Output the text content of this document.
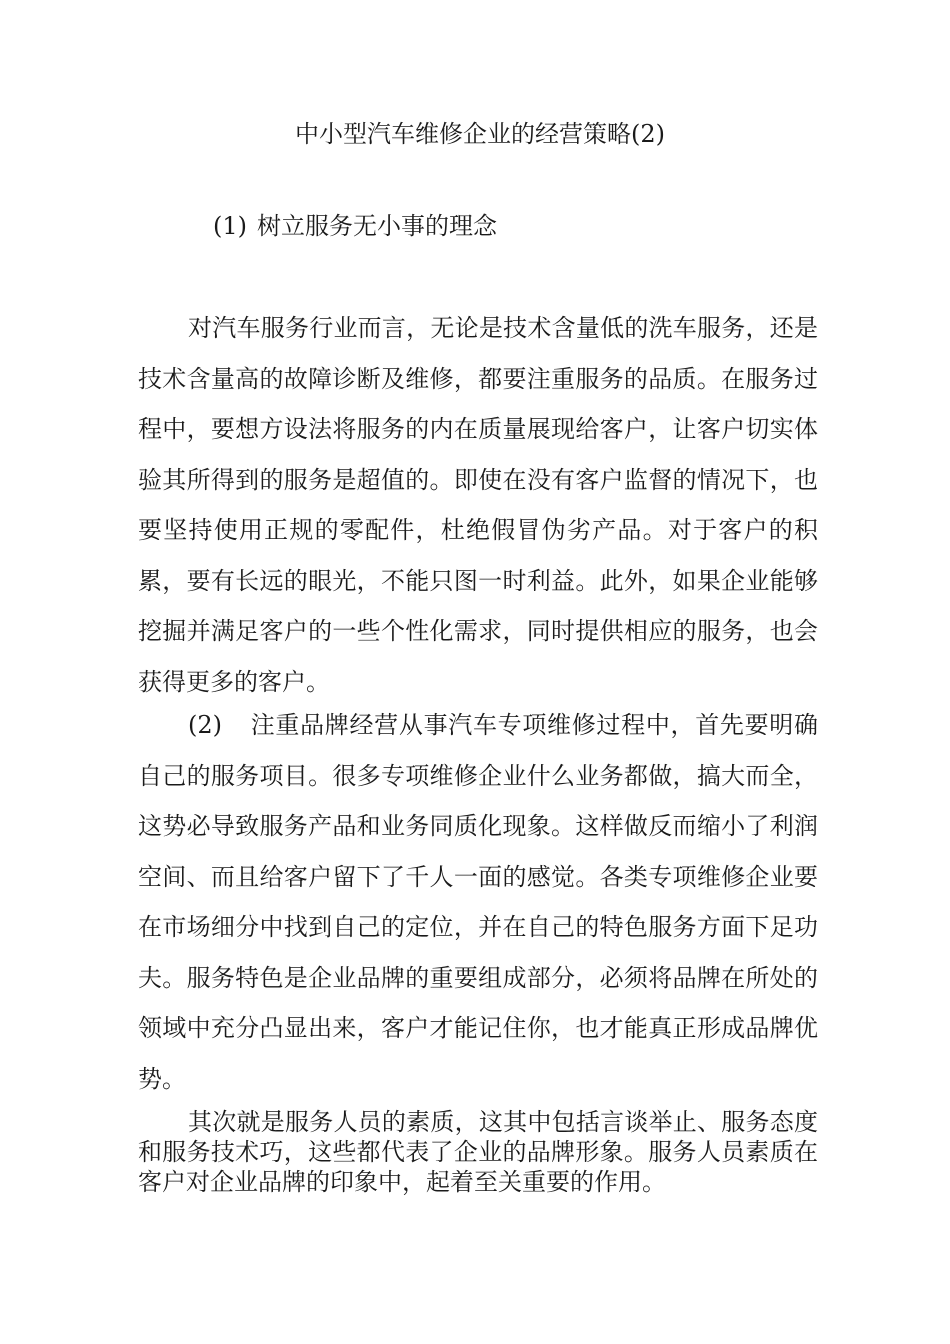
中小型汽车维修企业的经营策略(2)
(1) 树立服务无小事的理念

对汽车服务行业而言，无论是技术含量低的洗车服务，还是技术含量高的故障诊断及维修，都要注重服务的品质。在服务过程中，要想方设法将服务的内在质量展现给客户，让客户切实体验其所得到的服务是超值的。即使在没有客户监督的情况下，也要坚持使用正规的零配件，杜绝假冒伪劣产品。对于客户的积累，要有长远的眼光，不能只图一时利益。此外，如果企业能够挖掘并满足客户的一些个性化需求，同时提供相应的服务，也会获得更多的客户。

(2) 注重品牌经营从事汽车专项维修过程中，首先要明确自己的服务项目。很多专项维修企业什么业务都做，搞大而全，这势必导致服务产品和业务同质化现象。这样做反而缩小了利润空间、而且给客户留下了千人一面的感觉。各类专项维修企业要在市场细分中找到自己的定位，并在自己的特色服务方面下足功夫。服务特色是企业品牌的重要组成部分，必须将品牌在所处的领域中充分凸显出来，客户才能记住你，也才能真正形成品牌优势。

其次就是服务人员的素质，这其中包括言谈举止、服务态度和服务技术巧，这些都代表了企业的品牌形象。服务人员素质在客户对企业品牌的印象中，起着至关重要的作用。
